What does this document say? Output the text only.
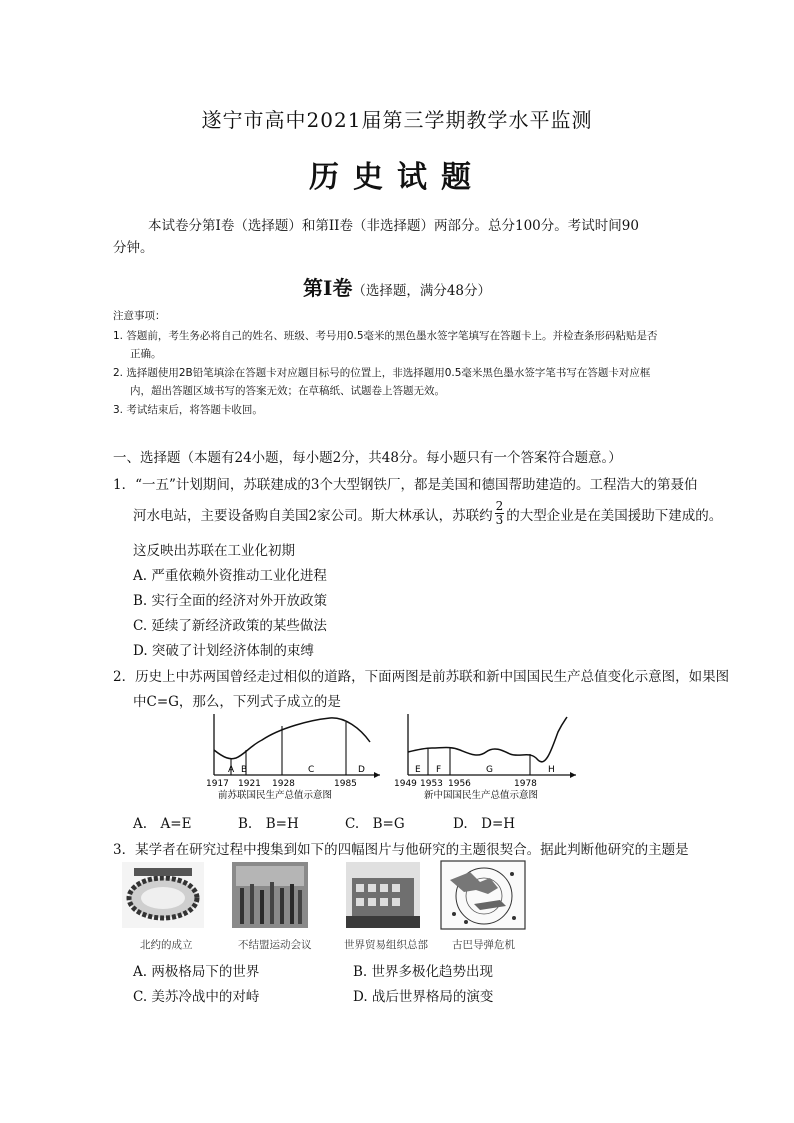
遂宁市高中2021届第三学期教学水平监测
历史试题
本试卷分第Ⅰ卷（选择题）和第II卷（非选择题）两部分。总分100分。考试时间90
分钟。
第Ⅰ卷（选择题，满分48分）
注意事项：
1. 答题前，考生务必将自己的姓名、班级、考号用0.5毫米的黑色墨水签字笔填写在答题卡上。并检查条形码粘贴是否
正确。
2. 选择题使用2B铅笔填涂在答题卡对应题目标号的位置上，非选择题用0.5毫米黑色墨水签字笔书写在答题卡对应框
内，超出答题区域书写的答案无效；在草稿纸、试题卷上答题无效。
3. 考试结束后，将答题卡收回。
一、选择题（本题有24小题，每小题2分，共48分。每小题只有一个答案符合题意。）
1．“一五”计划期间，苏联建成的3个大型钢铁厂，都是美国和德国帮助建造的。工程浩大的第聂伯
河水电站，主要设备购自美国2家公司。斯大林承认，苏联约 $\frac{2}{3}$ 的大型企业是在美国援助下建成的。
这反映出苏联在工业化初期
A. 严重依赖外资推动工业化进程
B. 实行全面的经济对外开放政策
C. 延续了新经济政策的某些做法
D. 突破了计划经济体制的束缚
2．历史上中苏两国曾经走过相似的道路，下面两图是前苏联和新中国国民生产总值变化示意图，如果图
中C=G，那么，下列式子成立的是
A B	C	D
1917 1921 1928	1985
前苏联国民生产总值示意图
E F	G	H
1949 1953 1956	1978
新中国国民生产总值示意图
A.　A=E	B.　B=H	C.　B=G	D.　D=H
3．某学者在研究过程中搜集到如下的四幅图片与他研究的主题很契合。据此判断他研究的主题是
北约的成立	不结盟运动会议	世界贸易组织总部 古巴导弹危机
A. 两极格局下的世界	B. 世界多极化趋势出现
C. 美苏冷战中的对峙	D. 战后世界格局的演变
